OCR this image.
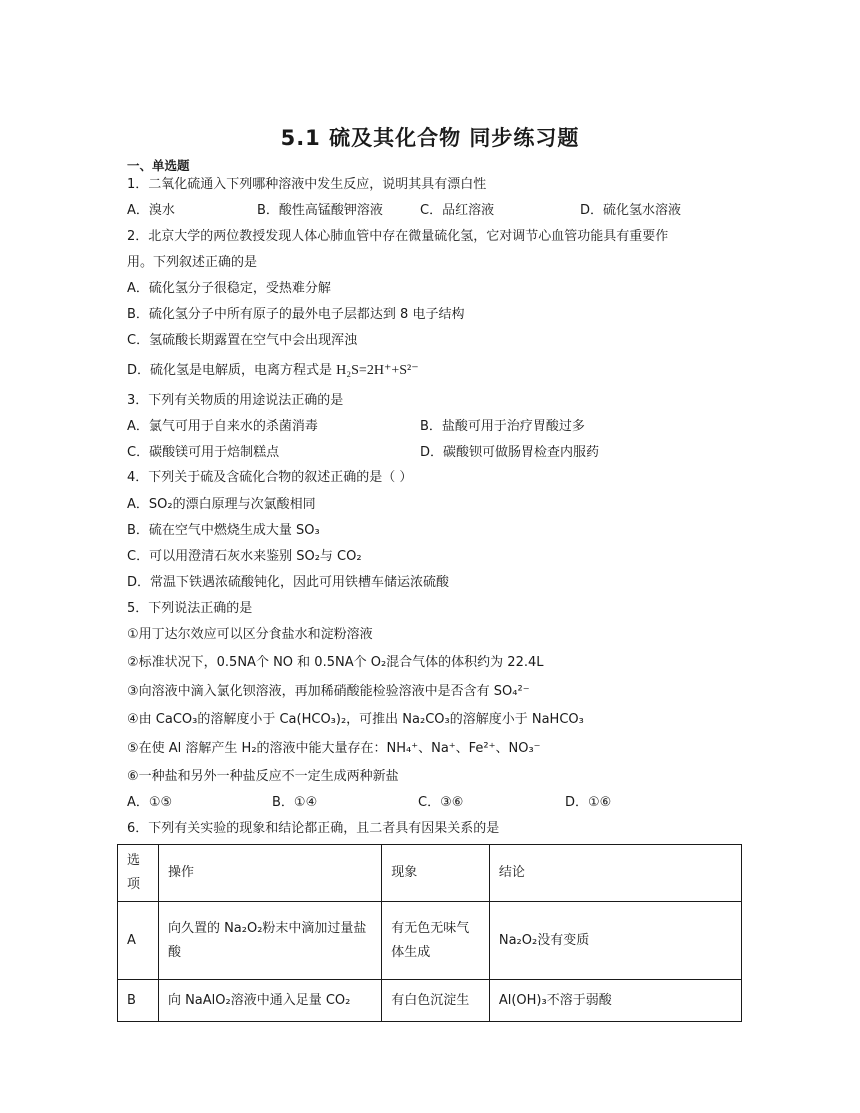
5.1 硫及其化合物 同步练习题
一、单选题
1．二氧化硫通入下列哪种溶液中发生反应，说明其具有漂白性
A．溴水	B．酸性高锰酸钾溶液	C．品红溶液	D．硫化氢水溶液
2．北京大学的两位教授发现人体心肺血管中存在微量硫化氢，它对调节心血管功能具有重要作
用。下列叙述正确的是
A．硫化氢分子很稳定，受热难分解
B．硫化氢分子中所有原子的最外电子层都达到 8 电子结构
C．氢硫酸长期露置在空气中会出现浑浊
D．硫化氢是电解质，电离方程式是 H₂S=2H⁺+S²⁻
3．下列有关物质的用途说法正确的是
A．氯气可用于自来水的杀菌消毒	B．盐酸可用于治疗胃酸过多
C．碳酸镁可用于焙制糕点	D．碳酸钡可做肠胃检查内服药
4．下列关于硫及含硫化合物的叙述正确的是（ ）
A．SO₂的漂白原理与次氯酸相同
B．硫在空气中燃烧生成大量 SO₃
C．可以用澄清石灰水来鉴别 SO₂与 CO₂
D．常温下铁遇浓硫酸钝化，因此可用铁槽车储运浓硫酸
5．下列说法正确的是
①用丁达尔效应可以区分食盐水和淀粉溶液
②标准状况下，0.5NA个 NO 和 0.5NA个 O₂混合气体的体积约为 22.4L
③向溶液中滴入氯化钡溶液，再加稀硝酸能检验溶液中是否含有 SO₄²⁻
④由 CaCO₃的溶解度小于 Ca(HCO₃)₂，可推出 Na₂CO₃的溶解度小于 NaHCO₃
⑤在使 Al 溶解产生 H₂的溶液中能大量存在：NH₄⁺、Na⁺、Fe²⁺、NO₃⁻
⑥一种盐和另外一种盐反应不一定生成两种新盐
A．①⑤	B．①④	C．③⑥	D．①⑥
6．下列有关实验的现象和结论都正确，且二者具有因果关系的是
选项	操作	现象	结论
A	向久置的 Na₂O₂粉末中滴加过量盐酸	有无色无味气体生成	Na₂O₂没有变质
B	向 NaAlO₂溶液中通入足量 CO₂	有白色沉淀生	Al(OH)₃不溶于弱酸
